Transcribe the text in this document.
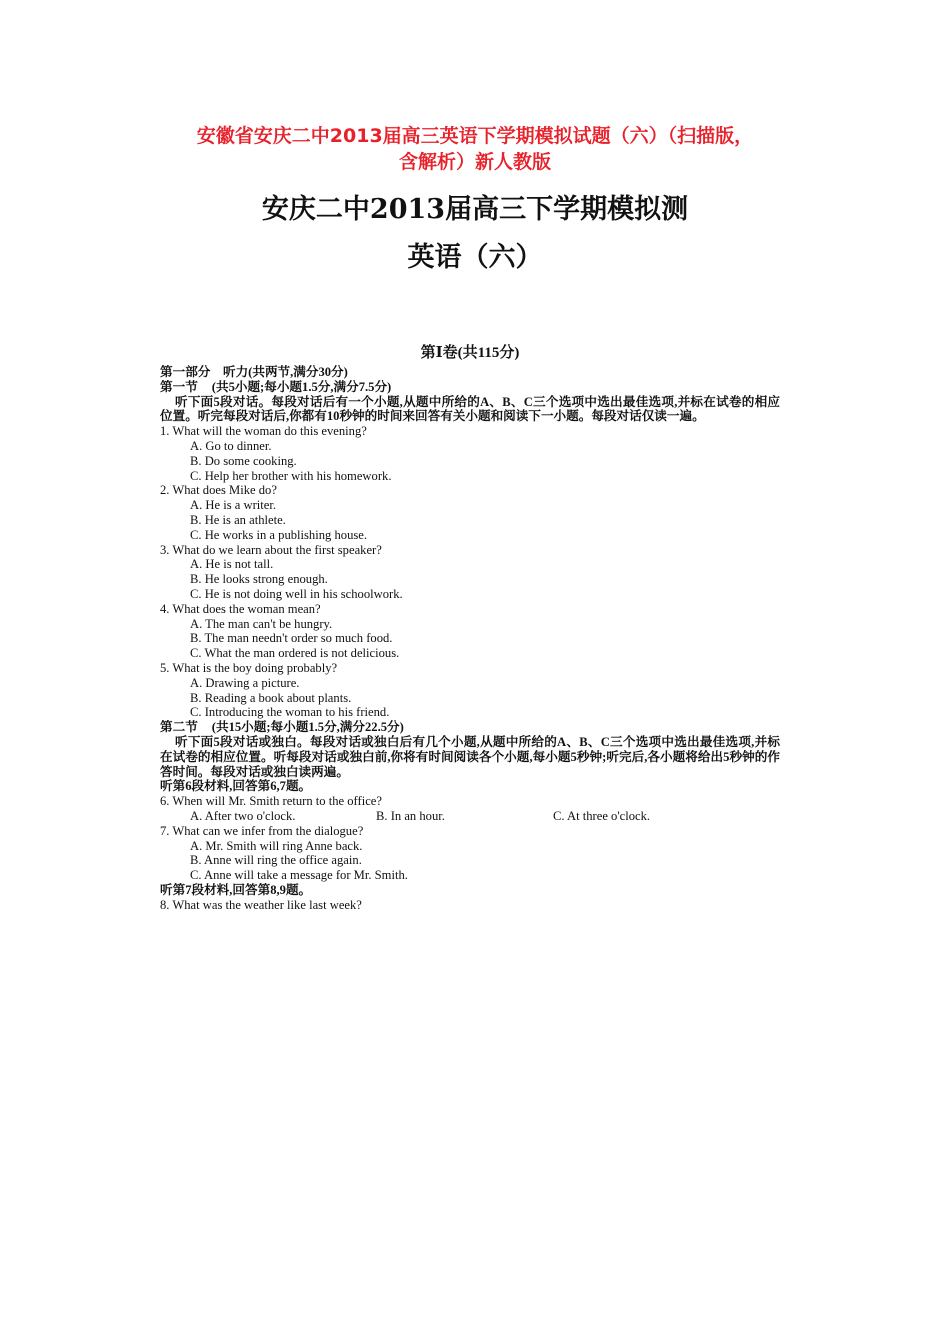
安徽省安庆二中2013届高三英语下学期模拟试题（六）（扫描版，
含解析）新人教版
安庆二中2013届高三下学期模拟测
英语（六）
第Ⅰ卷(共115分)
第一部分　听力(共两节,满分30分)
第一节 (共5小题;每小题1.5分,满分7.5分)
听下面5段对话。每段对话后有一个小题,从题中所给的A、B、C三个选项中选出最佳选项,并标在试卷的相应位置。听完每段对话后,你都有10秒钟的时间来回答有关小题和阅读下一小题。每段对话仅读一遍。
1. What will the woman do this evening?
A. Go to dinner.
B. Do some cooking.
C. Help her brother with his homework.
2. What does Mike do?
A. He is a writer.
B. He is an athlete.
C. He works in a publishing house.
3. What do we learn about the first speaker?
A. He is not tall.
B. He looks strong enough.
C. He is not doing well in his schoolwork.
4. What does the woman mean?
A. The man can't be hungry.
B. The man needn't order so much food.
C. What the man ordered is not delicious.
5. What is the boy doing probably?
A. Drawing a picture.
B. Reading a book about plants.
C. Introducing the woman to his friend.
第二节 (共15小题;每小题1.5分,满分22.5分)
听下面5段对话或独白。每段对话或独白后有几个小题,从题中所给的A、B、C三个选项中选出最佳选项,并标在试卷的相应位置。听每段对话或独白前,你将有时间阅读各个小题,每小题5秒钟;听完后,各小题将给出5秒钟的作答时间。每段对话或独白读两遍。
听第6段材料,回答第6,7题。
6. When will Mr. Smith return to the office?
A. After two o'clock.	B. In an hour.	C. At three o'clock.
7. What can we infer from the dialogue?
A. Mr. Smith will ring Anne back.
B. Anne will ring the office again.
C. Anne will take a message for Mr. Smith.
听第7段材料,回答第8,9题。
8. What was the weather like last week?
